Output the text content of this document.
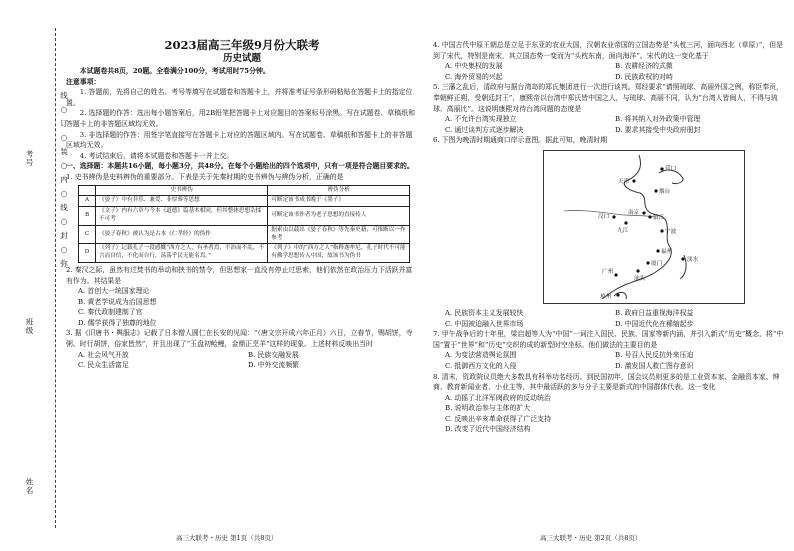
考号
班级
姓名
线
○
订
○
装
○
内
○
线
○
封
○
弥

2023届高三年级9月份大联考

历史试题

本试题卷共8页，20题。全卷满分100分，考试用时75分钟。

注意事项：

1. 答题前，先将自己的姓名、考号等填写在试题卷和答题卡上，并将准考证号条形码粘贴在答题卡上的指定位置。

2. 选择题的作答：选出每小题答案后，用2B铅笔把答题卡上对应题目的答案标号涂黑。写在试题卷、草稿纸和答题卡上的非答题区域均无效。

3. 非选择题的作答：用签字笔直接写在答题卡上对应的答题区域内。写在试题卷、草稿纸和答题卡上的非答题区域均无效。

4. 考试结束后，请将本试题卷和答题卡一并上交。

一、选择题：本题共16小题，每小题3分，共48分。在每个小题给出的四个选项中，只有一项是符合题目要求的。

1. 史书辨伪是史料辨伪的重要部分。下表是关于先秦时期的史书辨伪与辨伪分析，正确的是

	史书辨伪	辨伪分析
A	《晏子》中有非乐、兼爱、非厚葬等思想	可断定该书成书晚于《墨子》
B	《文子》内有六章与今本《道德》篇基本相同，但其整体思想杂揉不可考	可断定该书作者为老子思想的直接传人
C	《晏子春秋》被认为是古本《仁孝经》的伪作	据索由以载出《晏子春秋》等先秦史籍，可推断以一作参考
D	《列子》记载孔子一段感慨“西方之人，有圣者焉，不治而不乱，不言而自信，不化而自行，荡荡乎民无能名焉。”	《列子》中的“西方之人”指释迦牟尼，孔子时代不可能有佛学思想传入中国，故该书为伪书

2. 秦汉之际，虽然有过焚书的举动和挟书的禁令，但思想家一直没有停止过思索，他们依然在政治压力下活跃并富有作为。其结果是

A. 首创大一统国家理论

B. 黄老学说成为治国思想

C. 秦代政制建制了官

D. 儒学获得了独尊的地位

3. 据《旧唐书・舆服志》记载了日本僧人圆仁在长安的见闻：“（唐文宗开成六年正月）六日，立春节，赐胡饼，寺粥。时行胡饼，俗家皆然”，并且出现了“玉盘初鲙鲤，金鼎正烹羊”这样的现象。上述材料反映出当时

A. 社会风气开放	B. 民族交融发展

C. 民众生活富足	D. 中外交流频繁

4. 中国古代中原王朝总是立足于东亚的农业大国，汉朝农业帝国的立国态势是“头枕三河，面向西北（草原）”，但是到了宋代，特别是南宋，其立国态势一变而为“头枕东南，面向海洋”。宋代的这一变化基于

A. 中央集权的发展	B. 农耕经济的式微

C. 海外贸易的兴起	D. 民族政权的对峙

5. 三藩之乱后，清政府与据台湾岛的郑氏集团进行一次进行谈判。郑经要求“请照琉球、高丽外国之例，称臣奉贡，奉朝鲜正朔，受朝廷封王”，康熙帝以台湾中郑氏皆中国之人，与琉球、高丽不同，认为“台湾人皆闽人，不得与琉球、高丽比”。这说明康熙对待台湾问题的态度是

A. 不允许台湾实现独立	B. 将其纳入对外政策中管理

C. 通过谈判方式逐步解决	D. 要求其接受中央政府册封

6. 下图为晚清时期通商口岸示意图。据此可知，晚清时期

营口
天津
烟台
南京
镇江
汉口
九江	宁波
福州
厦门
汕头
广州
琼州
淡水

A. 民族资本主义发展较快	B. 政府日益重视海洋权益

C. 中国被迫融入世界市场	D. 中国近代化在稀缩起步

7. 甲午战争后的十年里，梁启超等人为“中国”一词注入国民、民族、国家等新内涵，并引入新式“历史”概念，将“中国”置于“世界”和“历史”交织的成的新型时空坐标。他们做法的主要目的是

A. 为变法营造舆论氛围	B. 号召人民反抗外来压迫

C. 抵御西方文化的入侵	D. 激发国人救亡图存意识

8. 清末，资政院议员绝大多数具有科举功名经历。到民国初年，国会议员则更多的是工业资本家、金融资本家、绅商、教育新闻业者、小业主等，其中最活跃的多与分子主要是新式的中国群体代表。这一变化

A. 动摇了北洋军阀政府的反动统治

B. 说明政治参与主体的扩大

C. 反映出辛亥革命获得了广泛支持

D. 改变了近代中国经济结构

高三大联考・历史 第1页（共8页）	高三大联考・历史 第2页（共8页）
